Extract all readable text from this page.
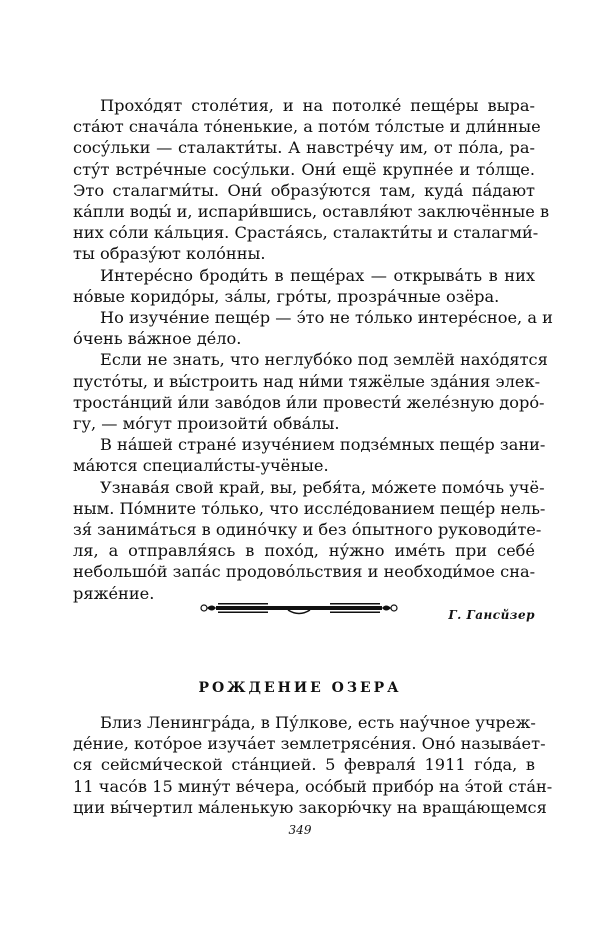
Прохо́дят столе́тия, и на потолке́ пеще́ры выра-
ста́ют снача́ла то́ненькие, а пото́м то́лстые и дли́нные
сосу́льки — сталакти́ты. А навстре́чу им, от по́ла, ра-
сту́т встре́чные сосу́льки. Они́ ещё крупне́е и то́лще.
Это сталагми́ты. Они́ образу́ются там, куда́ па́дают
ка́пли воды́ и, испари́вшись, оставля́ют заключённые в
них со́ли ка́льция. Сраста́ясь, сталакти́ты и сталагми́-
ты образу́ют коло́нны.

Интере́сно броди́ть в пеще́рах — открыва́ть в них
но́вые коридо́ры, за́лы, гро́ты, прозра́чные озёра.

Но изуче́ние пеще́р — э́то не то́лько интере́сное, а и
о́чень ва́жное де́ло.

Если не знать, что неглубо́ко под землёй нахо́дятся
пусто́ты, и вы́строить над ни́ми тяжёлые зда́ния элек-
троста́нций и́ли заво́дов и́ли провести́ желе́зную доро́-
гу, — мо́гут произойти́ обва́лы.

В на́шей стране́ изуче́нием подзе́мных пеще́р зани-
ма́ются специали́сты-учёные.

Узнава́я свой край, вы, ребя́та, мо́жете помо́чь учё-
ным. По́мните то́лько, что иссле́дованием пеще́р нель-
зя́ занима́ться в одино́чку и без о́пытного руководи́те-
ля, а отправля́ясь в похо́д, ну́жно име́ть при себе́
небольшо́й запа́с продово́льствия и необходи́мое сна-
ряже́ние.

Г. Гансйзер

РОЖДЕНИЕ ОЗЕРА

Близ Ленингра́да, в Пу́лкове, есть нау́чное учреж-
де́ние, кото́рое изуча́ет землетрясе́ния. Оно́ называ́ет-
ся сейсми́ческой ста́нцией. 5 февраля́ 1911 го́да, в
11 часо́в 15 мину́т ве́чера, осо́бый прибо́р на э́той ста́н-
ции вы́чертил ма́ленькую закорю́чку на враща́ющемся

349
